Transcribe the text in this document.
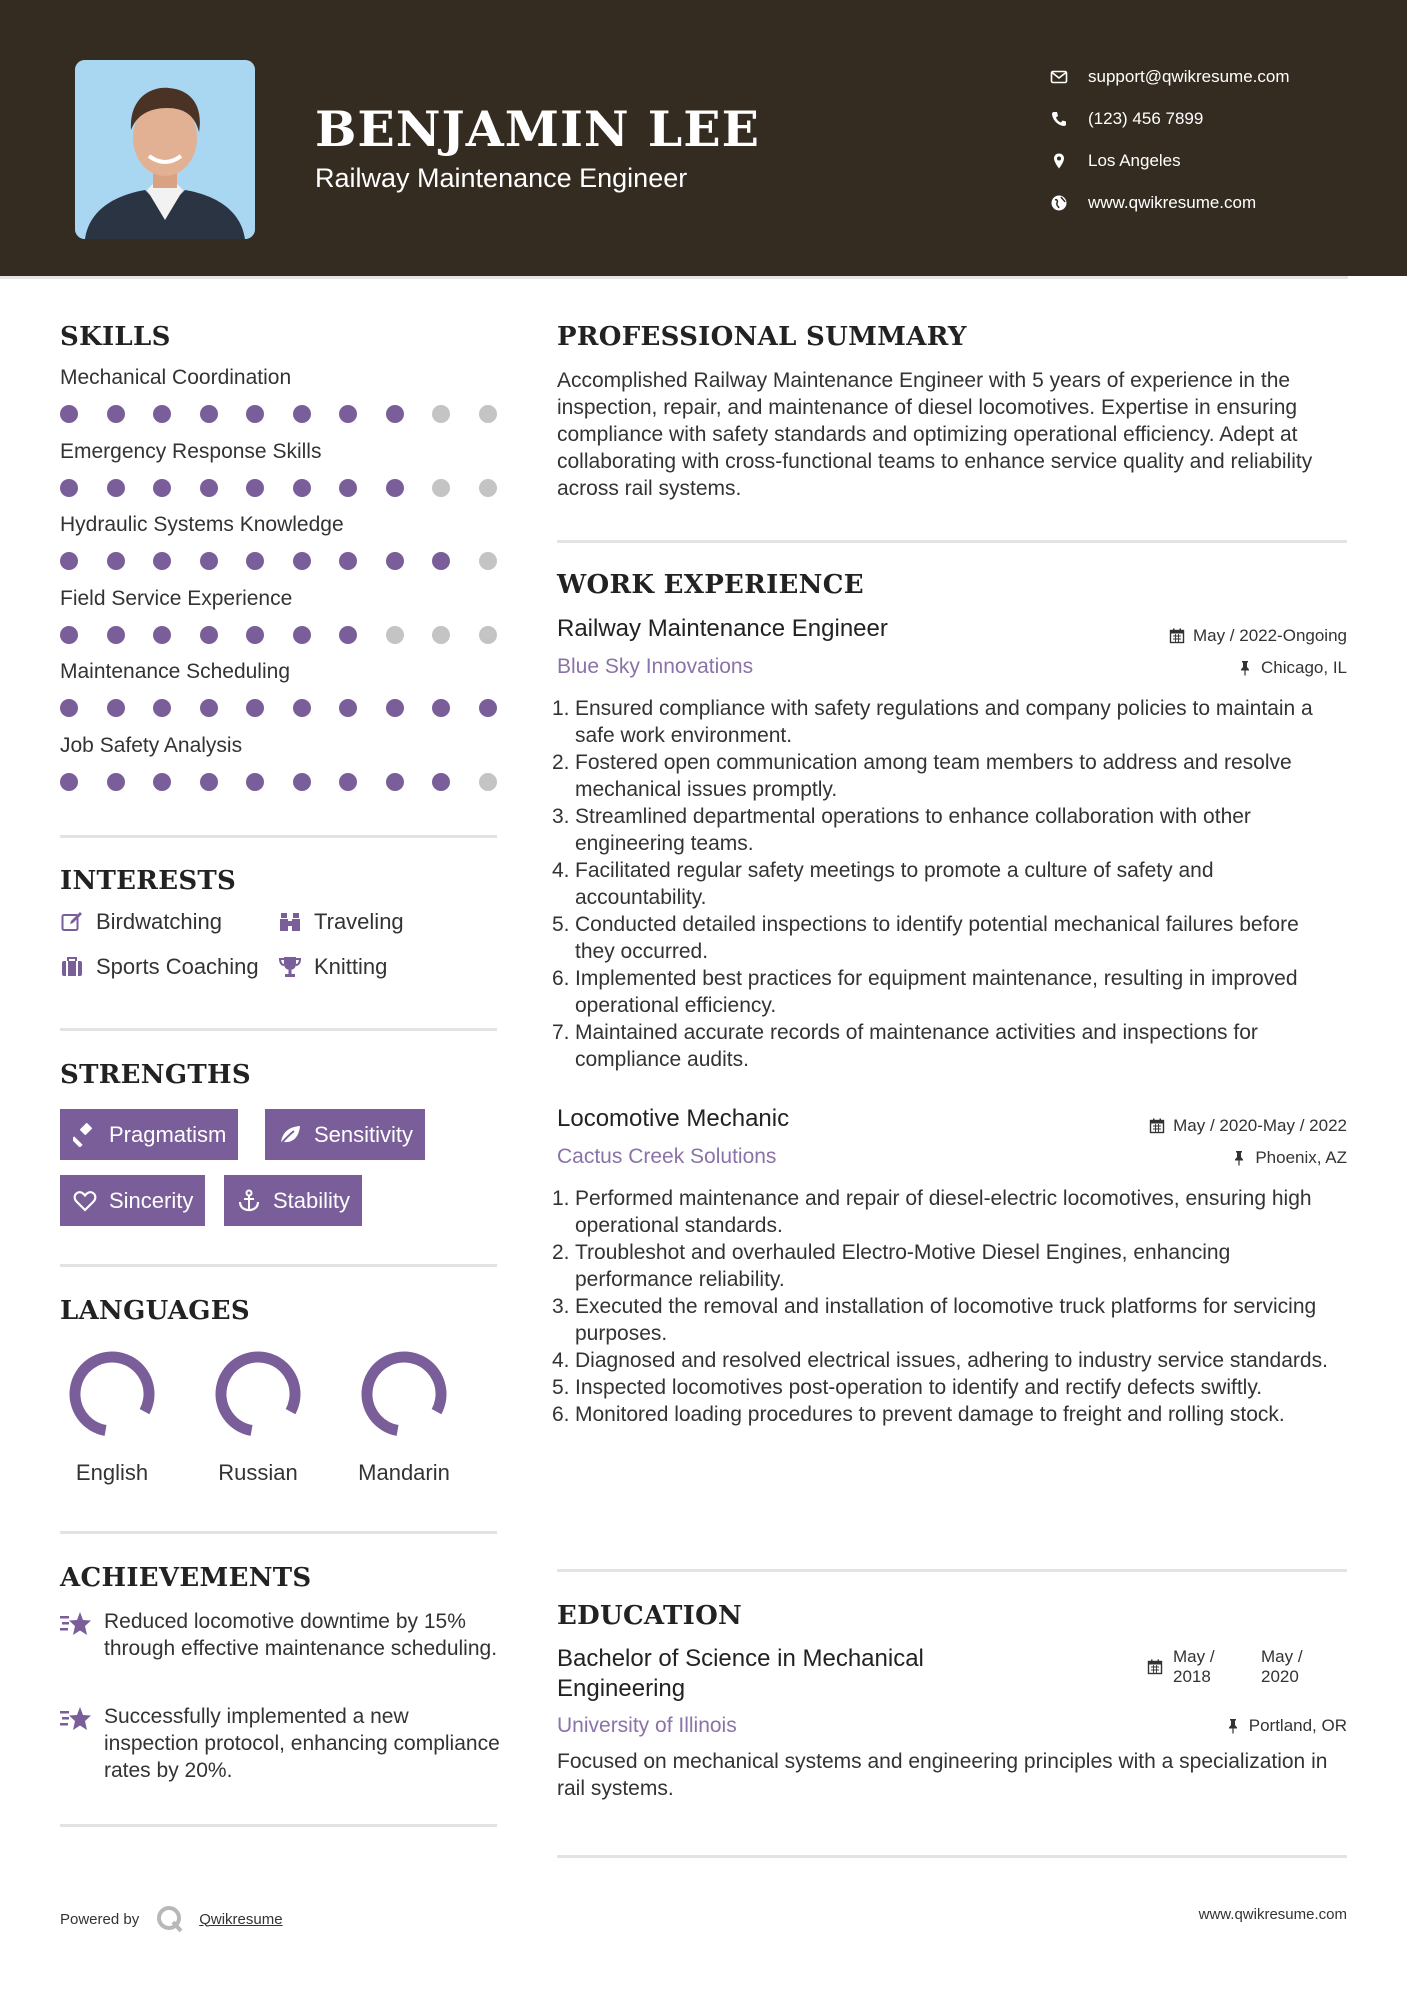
BENJAMIN LEE
Railway Maintenance Engineer
support@qwikresume.com
(123) 456 7899
Los Angeles
www.qwikresume.com
SKILLS
Mechanical Coordination
Emergency Response Skills
Hydraulic Systems Knowledge
Field Service Experience
Maintenance Scheduling
Job Safety Analysis
INTERESTS
Birdwatching	Traveling
Sports Coaching	Knitting
STRENGTHS
Pragmatism	Sensitivity
Sincerity	Stability
LANGUAGES
English	Russian	Mandarin
ACHIEVEMENTS
Reduced locomotive downtime by 15% through effective maintenance scheduling.
Successfully implemented a new inspection protocol, enhancing compliance rates by 20%.
PROFESSIONAL SUMMARY
Accomplished Railway Maintenance Engineer with 5 years of experience in the inspection, repair, and maintenance of diesel locomotives. Expertise in ensuring compliance with safety standards and optimizing operational efficiency. Adept at collaborating with cross-functional teams to enhance service quality and reliability across rail systems.
WORK EXPERIENCE
Railway Maintenance Engineer	May / 2022-Ongoing
Blue Sky Innovations	Chicago, IL
1. Ensured compliance with safety regulations and company policies to maintain a safe work environment.
2. Fostered open communication among team members to address and resolve mechanical issues promptly.
3. Streamlined departmental operations to enhance collaboration with other engineering teams.
4. Facilitated regular safety meetings to promote a culture of safety and accountability.
5. Conducted detailed inspections to identify potential mechanical failures before they occurred.
6. Implemented best practices for equipment maintenance, resulting in improved operational efficiency.
7. Maintained accurate records of maintenance activities and inspections for compliance audits.
Locomotive Mechanic	May / 2020-May / 2022
Cactus Creek Solutions	Phoenix, AZ
1. Performed maintenance and repair of diesel-electric locomotives, ensuring high operational standards.
2. Troubleshot and overhauled Electro-Motive Diesel Engines, enhancing performance reliability.
3. Executed the removal and installation of locomotive truck platforms for servicing purposes.
4. Diagnosed and resolved electrical issues, adhering to industry service standards.
5. Inspected locomotives post-operation to identify and rectify defects swiftly.
6. Monitored loading procedures to prevent damage to freight and rolling stock.
EDUCATION
Bachelor of Science in Mechanical
Engineering
May /
2018
May /
2020
University of Illinois	Portland, OR
Focused on mechanical systems and engineering principles with a specialization in rail systems.
Powered by	Qwikresume	www.qwikresume.com
